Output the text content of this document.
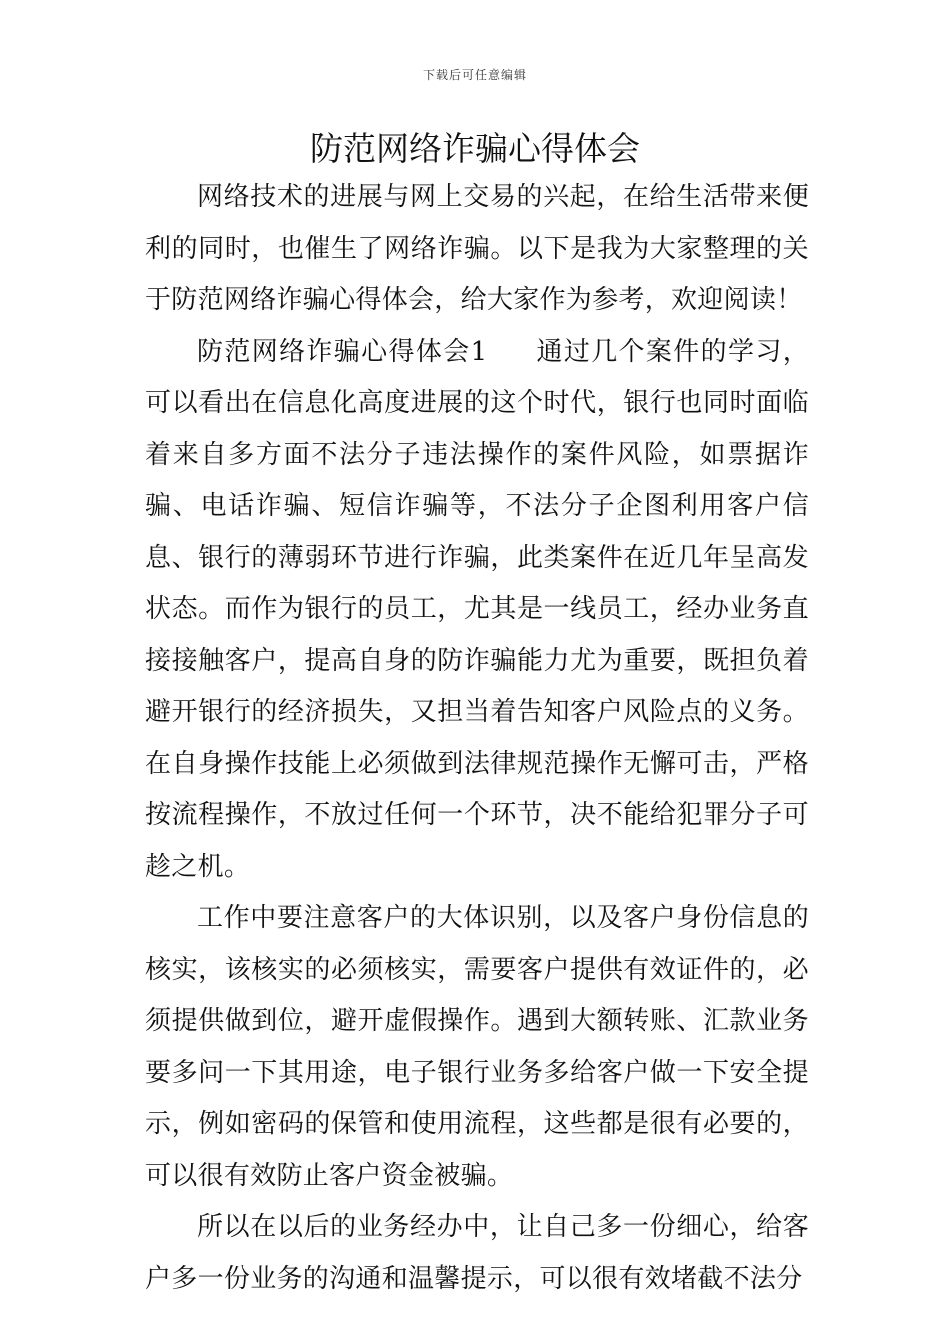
下载后可任意编辑
防范网络诈骗心得体会

网络技术的进展与网上交易的兴起，在给生活带来便利的同时，也催生了网络诈骗。以下是我为大家整理的关于防范网络诈骗心得体会，给大家作为参考，欢迎阅读！

防范网络诈骗心得体会1 通过几个案件的学习，可以看出在信息化高度进展的这个时代，银行也同时面临着来自多方面不法分子违法操作的案件风险，如票据诈骗、电话诈骗、短信诈骗等，不法分子企图利用客户信息、银行的薄弱环节进行诈骗，此类案件在近几年呈高发状态。而作为银行的员工，尤其是一线员工，经办业务直接接触客户，提高自身的防诈骗能力尤为重要，既担负着避开银行的经济损失，又担当着告知客户风险点的义务。在自身操作技能上必须做到法律规范操作无懈可击，严格按流程操作，不放过任何一个环节，决不能给犯罪分子可趁之机。

工作中要注意客户的大体识别，以及客户身份信息的核实，该核实的必须核实，需要客户提供有效证件的，必须提供做到位，避开虚假操作。遇到大额转账、汇款业务要多问一下其用途，电子银行业务多给客户做一下安全提示，例如密码的保管和使用流程，这些都是很有必要的，可以很有效防止客户资金被骗。

所以在以后的业务经办中，让自己多一份细心，给客户多一份业务的沟通和温馨提示，可以很有效堵截不法分
